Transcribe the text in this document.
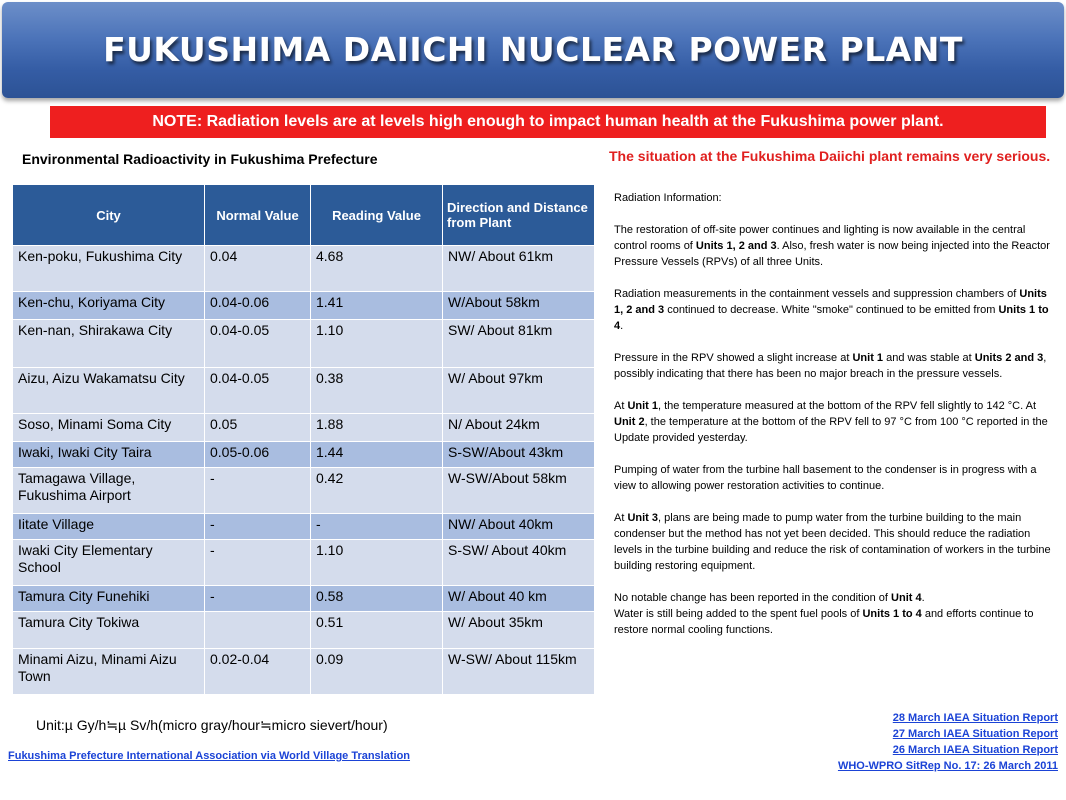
FUKUSHIMA DAIICHI NUCLEAR POWER PLANT
NOTE: Radiation levels are at levels high enough to impact human health at the Fukushima power plant.
Environmental Radioactivity in Fukushima Prefecture	The situation at the Fukushima Daiichi plant remains very serious.
City	Normal Value	Reading Value	Direction and Distance from Plant
Ken-poku, Fukushima City	0.04	4.68	NW/ About 61km
Ken-chu, Koriyama City	0.04-0.06	1.41	W/About 58km
Ken-nan, Shirakawa City	0.04-0.05	1.10	SW/ About 81km
Aizu, Aizu Wakamatsu City	0.04-0.05	0.38	W/ About 97km
Soso, Minami Soma City	0.05	1.88	N/ About 24km
Iwaki, Iwaki City Taira	0.05-0.06	1.44	S-SW/About 43km
Tamagawa Village, Fukushima Airport	-	0.42	W-SW/About 58km
Iitate Village	-	-	NW/ About 40km
Iwaki City Elementary School	-	1.10	S-SW/ About 40km
Tamura City Funehiki	-	0.58	W/ About 40 km
Tamura City Tokiwa		0.51	W/ About 35km
Minami Aizu, Minami Aizu Town	0.02-0.04	0.09	W-SW/ About 115km
Unit:µ Gy/h≒µ Sv/h(micro gray/hour≒micro sievert/hour)
Fukushima Prefecture International Association via World Village Translation

Radiation Information:

The restoration of off-site power continues and lighting is now available in the central control rooms of Units 1, 2 and 3. Also, fresh water is now being injected into the Reactor Pressure Vessels (RPVs) of all three Units.

Radiation measurements in the containment vessels and suppression chambers of Units 1, 2 and 3 continued to decrease. White "smoke" continued to be emitted from Units 1 to 4.

Pressure in the RPV showed a slight increase at Unit 1 and was stable at Units 2 and 3, possibly indicating that there has been no major breach in the pressure vessels.

At Unit 1, the temperature measured at the bottom of the RPV fell slightly to 142 °C. At Unit 2, the temperature at the bottom of the RPV fell to 97 °C from 100 °C reported in the Update provided yesterday.

Pumping of water from the turbine hall basement to the condenser is in progress with a view to allowing power restoration activities to continue.

At Unit 3, plans are being made to pump water from the turbine building to the main condenser but the method has not yet been decided. This should reduce the radiation levels in the turbine building and reduce the risk of contamination of workers in the turbine building restoring equipment.

No notable change has been reported in the condition of Unit 4.

Water is still being added to the spent fuel pools of Units 1 to 4 and efforts continue to restore normal cooling functions.

28 March IAEA Situation Report
27 March IAEA Situation Report
26 March IAEA Situation Report
WHO-WPRO SitRep No. 17: 26 March 2011
